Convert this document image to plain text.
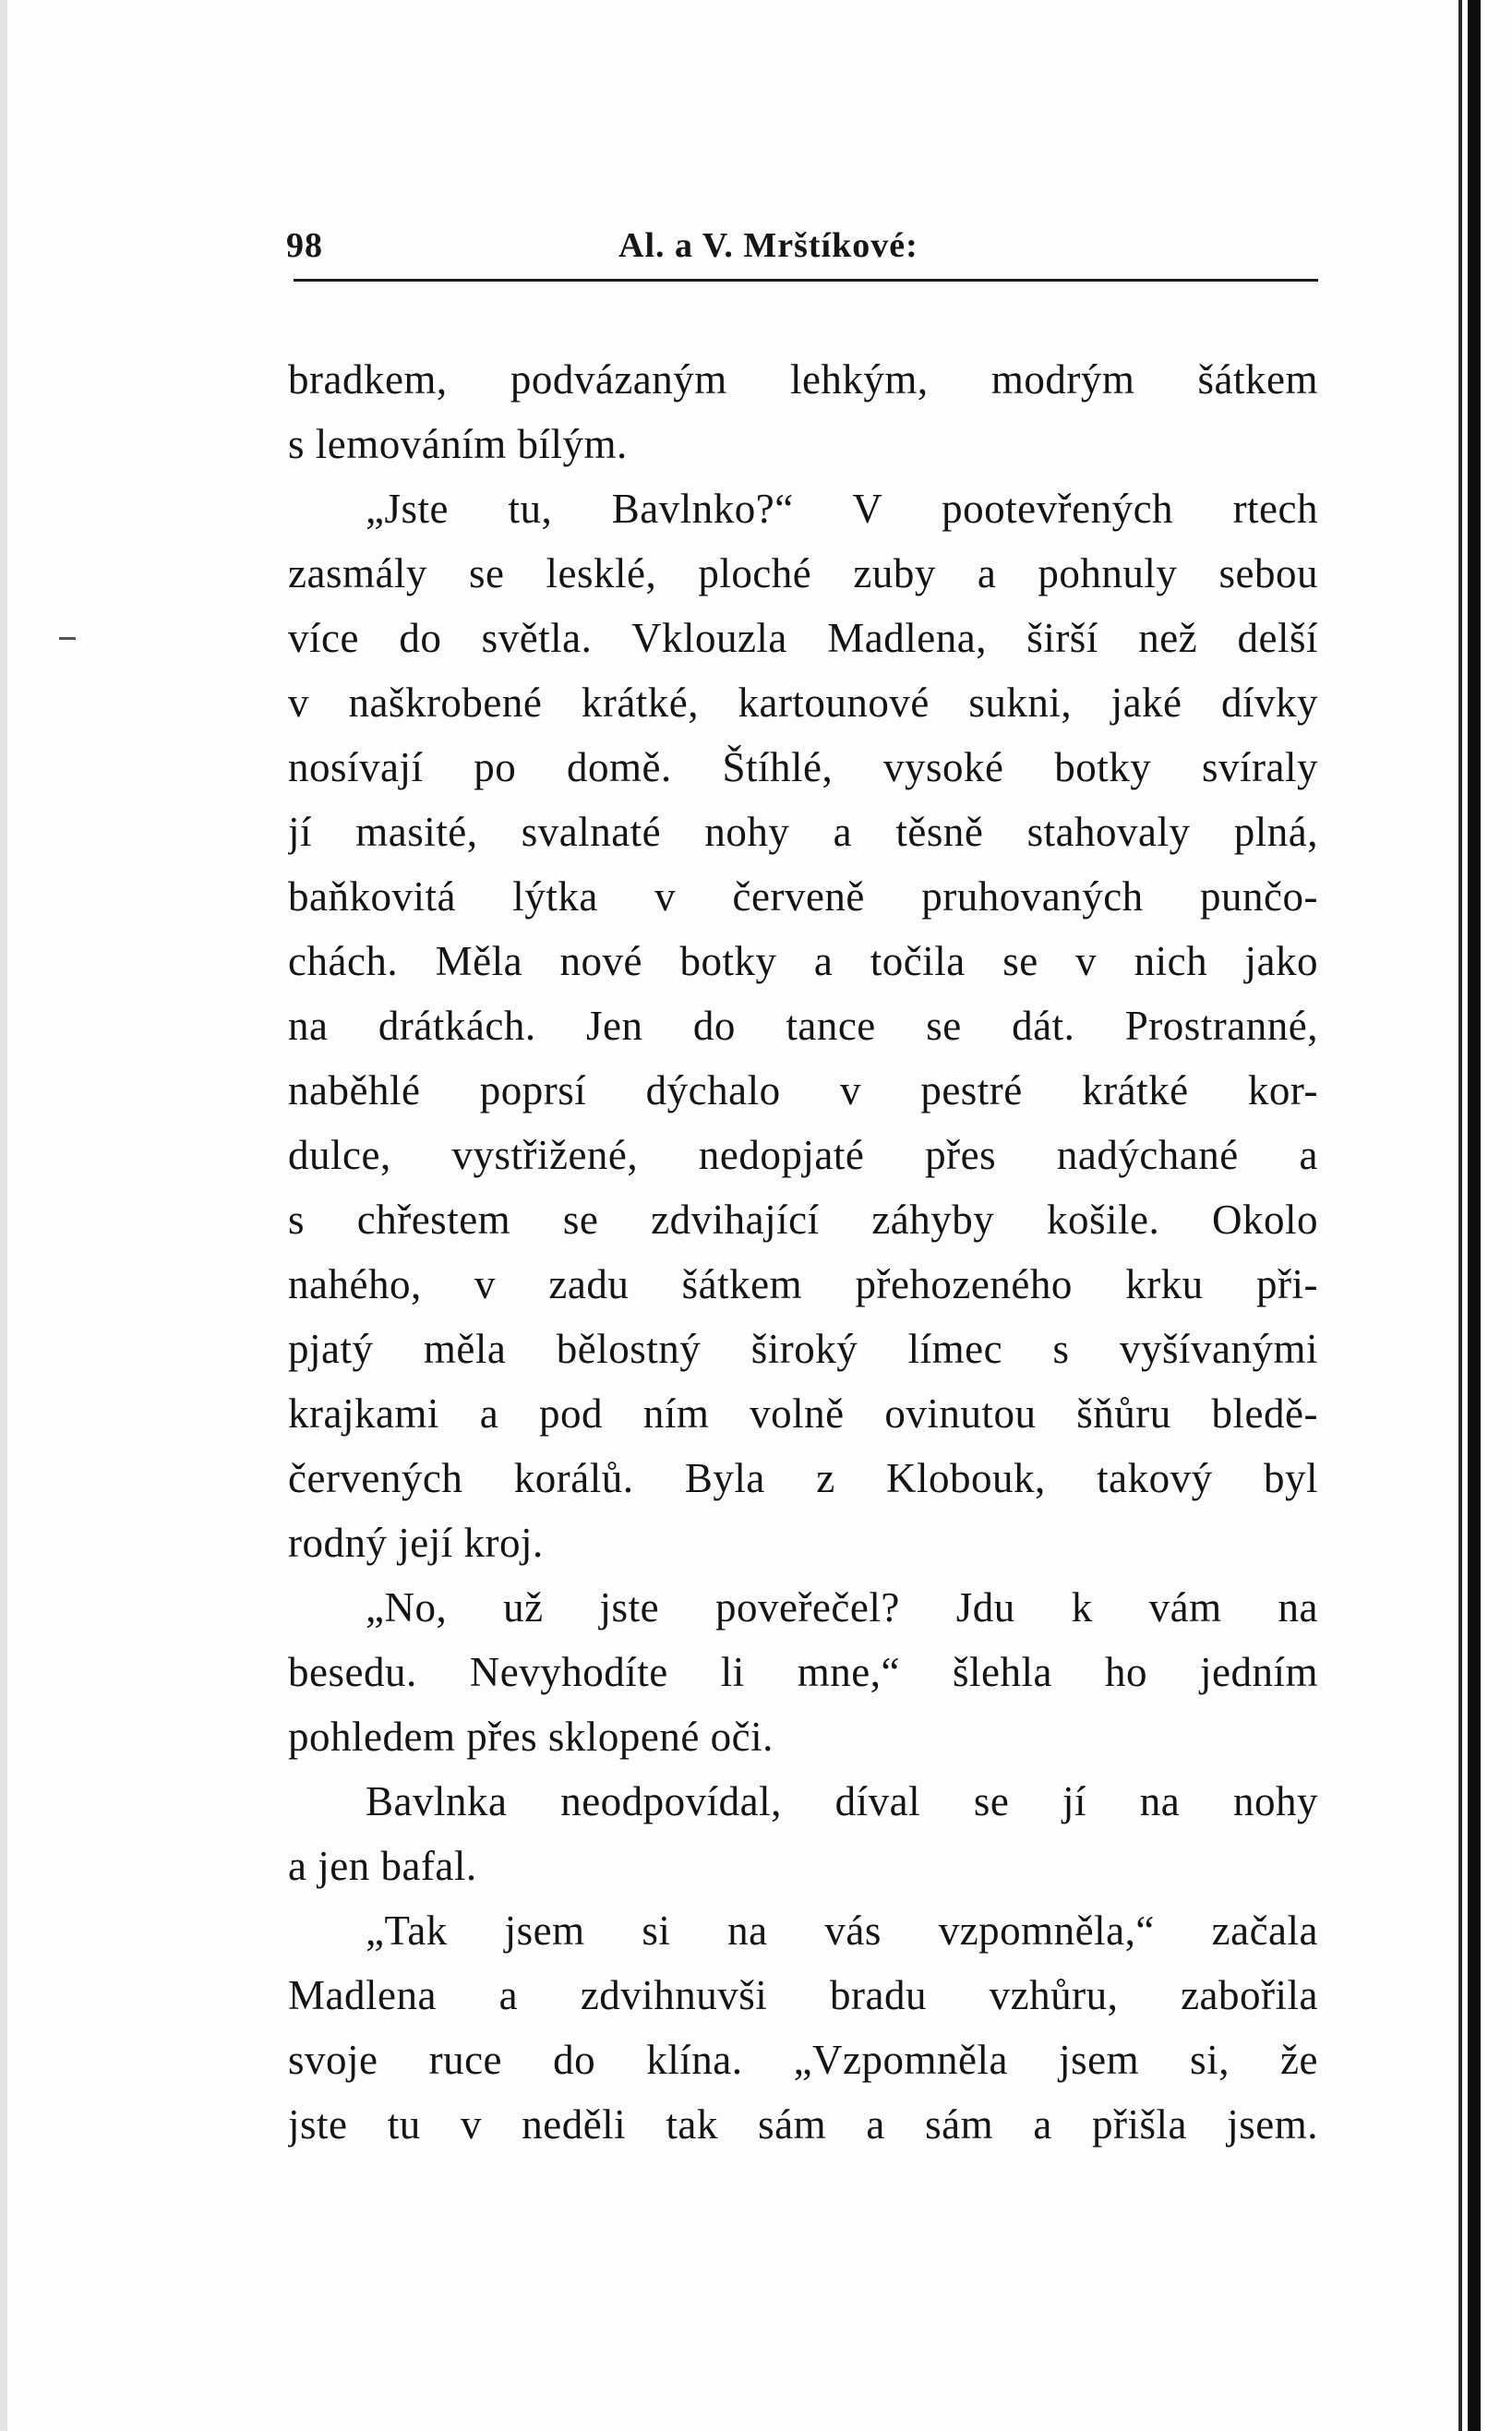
98	Al. a V. Mrštíkové:
bradkem, podvázaným lehkým, modrým šátkem
s lemováním bílým.
„Jste tu, Bavlnko?“ V pootevřených rtech
zasmály se lesklé, ploché zuby a pohnuly sebou
více do světla. Vklouzla Madlena, širší než delší
v naškrobené krátké, kartounové sukni, jaké dívky
nosívají po domě. Štíhlé, vysoké botky svíraly
jí masité, svalnaté nohy a těsně stahovaly plná,
baňkovitá lýtka v červeně pruhovaných punčo-
chách. Měla nové botky a točila se v nich jako
na drátkách. Jen do tance se dát. Prostranné,
naběhlé poprsí dýchalo v pestré krátké kor-
dulce, vystřižené, nedopjaté přes nadýchané a
s chřestem se zdvihající záhyby košile. Okolo
nahého, v zadu šátkem přehozeného krku při-
pjatý měla bělostný široký límec s vyšívanými
krajkami a pod ním volně ovinutou šňůru bledě-
červených korálů. Byla z Klobouk, takový byl
rodný její kroj.
„No, už jste poveřečel? Jdu k vám na
besedu. Nevyhodíte li mne,“ šlehla ho jedním
pohledem přes sklopené oči.
Bavlnka neodpovídal, díval se jí na nohy
a jen bafal.
„Tak jsem si na vás vzpomněla,“ začala
Madlena a zdvihnuvši bradu vzhůru, zabořila
svoje ruce do klína. „Vzpomněla jsem si, že
jste tu v neděli tak sám a sám a přišla jsem.
